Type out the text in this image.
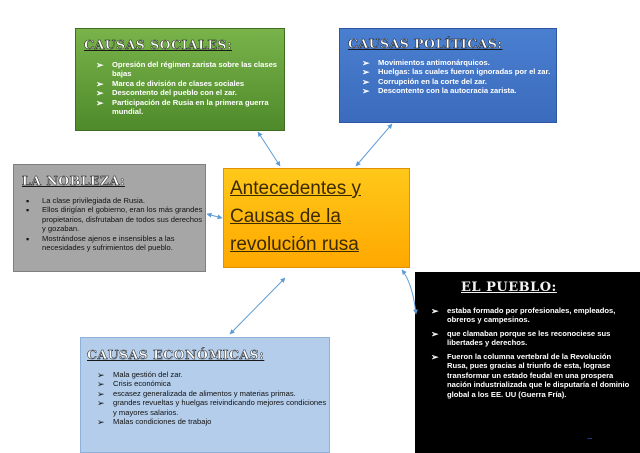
CAUSAS SOCIALES:
➢ Opresión del régimen zarista sobre las clases bajas
➢ Marca de división de clases sociales
➢ Descontento del pueblo con el zar.
➢ Participación de Rusia en la primera guerra mundial.
CAUSAS POLÍTICAS:
➢ Movimientos antimonárquicos.
➢ Huelgas: las cuales fueron ignoradas por el zar.
➢ Corrupción en la corte del zar.
➢ Descontento con la autocracia zarista.
LA NOBLEZA:
▪ La clase privilegiada de Rusia.
▪ Ellos dirigían el gobierno, eran los más grandes propietarios, disfrutaban de todos sus derechos y gozaban.
▪ Mostrándose ajenos e insensibles a las necesidades y sufrimientos del pueblo.
Antecedentes y
Causas de la
revolución rusa
EL PUEBLO:
➢ estaba formado por profesionales, empleados, obreros y campesinos.
➢ que clamaban porque se les reconociese sus libertades y derechos.
➢ Fueron la columna vertebral de la Revolución Rusa, pues gracias al triunfo de esta, lograse transformar un estado feudal en una prospera nación industrializada que le disputaría el dominio global a los EE. UU (Guerra Fría).
_
CAUSAS ECONÓMICAS:
➢ Mala gestión del zar.
➢ Crisis económica
➢ escasez generalizada de alimentos y materias primas.
➢ grandes revueltas y huelgas reivindicando mejores condiciones y mayores salarios.
➢ Malas condiciones de trabajo
